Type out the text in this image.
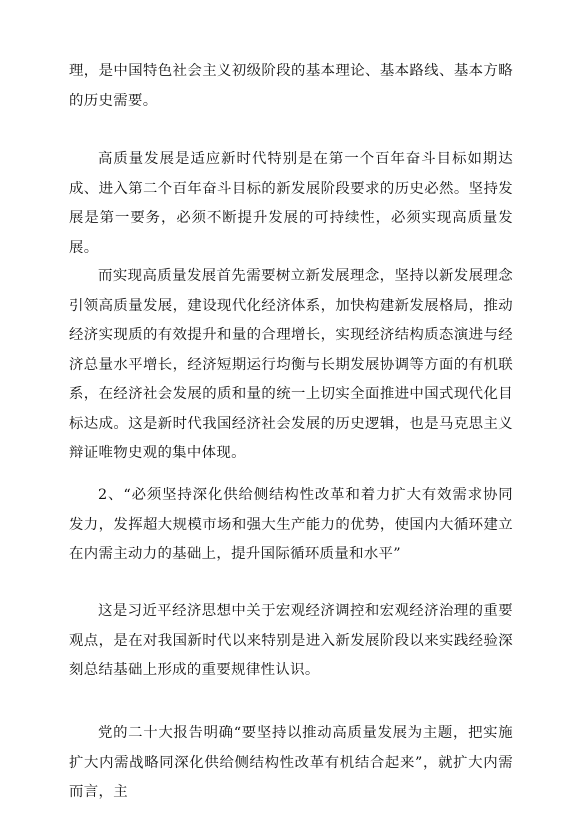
理，是中国特色社会主义初级阶段的基本理论、基本路线、基本方略的历史需要。

高质量发展是适应新时代特别是在第一个百年奋斗目标如期达成、进入第二个百年奋斗目标的新发展阶段要求的历史必然。坚持发展是第一要务，必须不断提升发展的可持续性，必须实现高质量发展。

而实现高质量发展首先需要树立新发展理念，坚持以新发展理念引领高质量发展，建设现代化经济体系，加快构建新发展格局，推动经济实现质的有效提升和量的合理增长，实现经济结构质态演进与经济总量水平增长，经济短期运行均衡与长期发展协调等方面的有机联系，在经济社会发展的质和量的统一上切实全面推进中国式现代化目标达成。这是新时代我国经济社会发展的历史逻辑，也是马克思主义辩证唯物史观的集中体现。

2、“必须坚持深化供给侧结构性改革和着力扩大有效需求协同发力，发挥超大规模市场和强大生产能力的优势，使国内大循环建立在内需主动力的基础上，提升国际循环质量和水平”

这是习近平经济思想中关于宏观经济调控和宏观经济治理的重要观点，是在对我国新时代以来特别是进入新发展阶段以来实践经验深刻总结基础上形成的重要规律性认识。

党的二十大报告明确“要坚持以推动高质量发展为主题，把实施扩大内需战略同深化供给侧结构性改革有机结合起来”，就扩大内需而言，主
